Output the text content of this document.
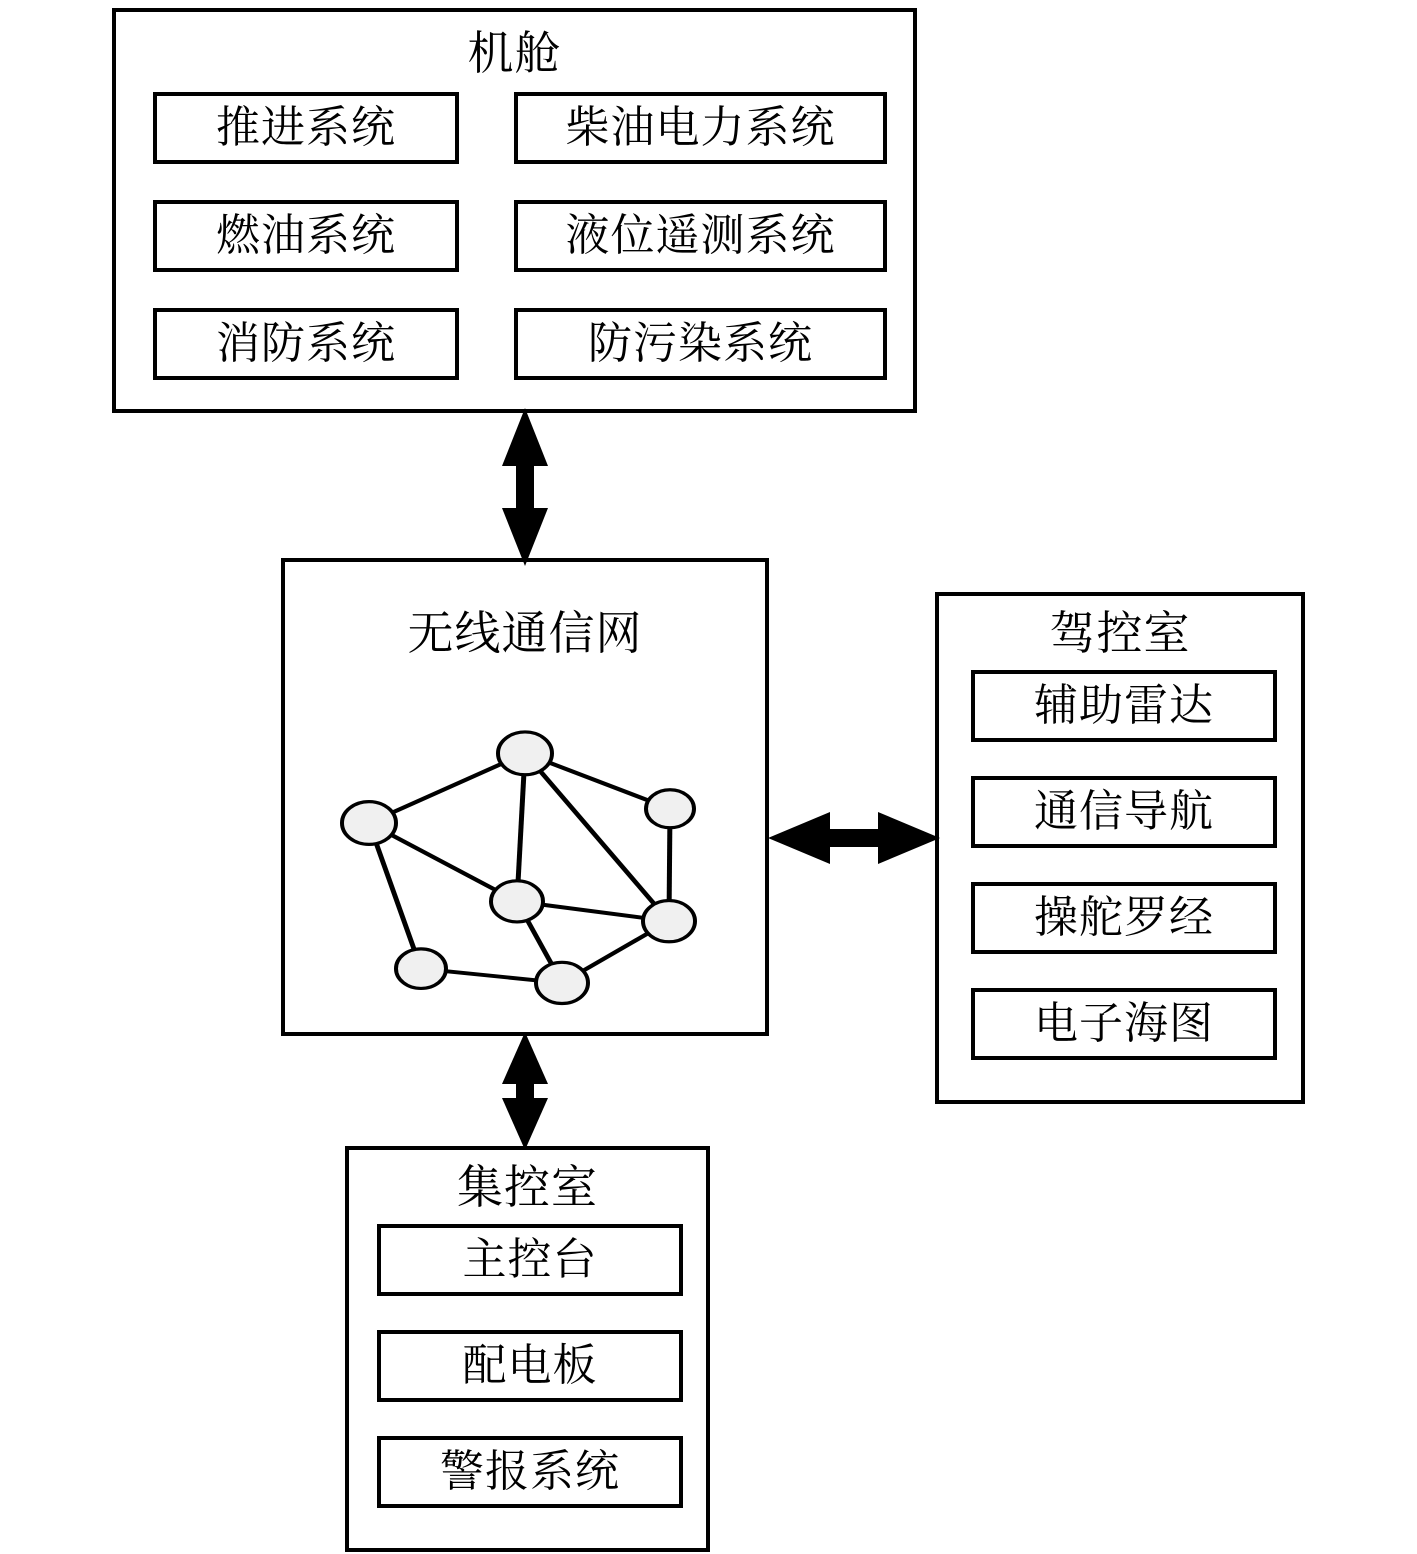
机舱
推进系统	柴油电力系统
燃油系统	液位遥测系统
消防系统	防污染系统
无线通信网	驾控室
辅助雷达
通信导航
操舵罗经
电子海图
集控室
主控台
配电板
警报系统
